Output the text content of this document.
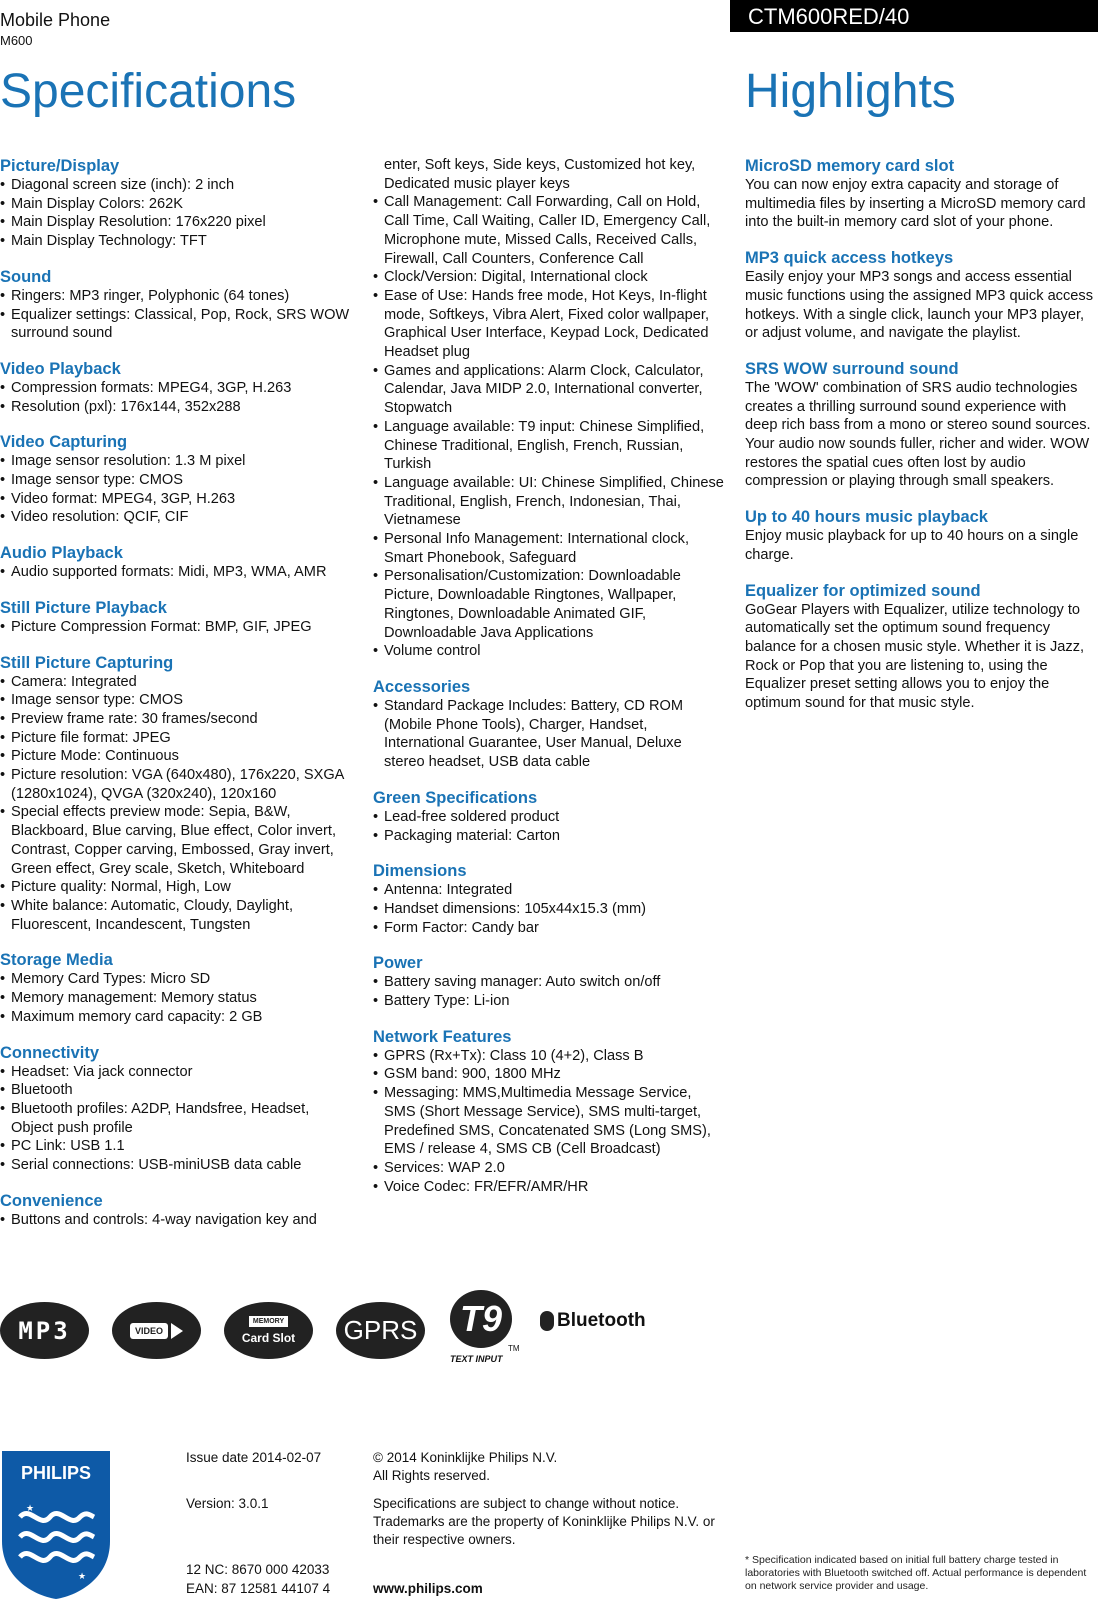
Mobile Phone
M600
CTM600RED/40
Specifications	Highlights
Picture/Display
• Diagonal screen size (inch): 2 inch
• Main Display Colors: 262K
• Main Display Resolution: 176x220 pixel
• Main Display Technology: TFT
Sound
• Ringers: MP3 ringer, Polyphonic (64 tones)
• Equalizer settings: Classical, Pop, Rock, SRS WOW surround sound
Video Playback
• Compression formats: MPEG4, 3GP, H.263
• Resolution (pxl): 176x144, 352x288
Video Capturing
• Image sensor resolution: 1.3 M pixel
• Image sensor type: CMOS
• Video format: MPEG4, 3GP, H.263
• Video resolution: QCIF, CIF
Audio Playback
• Audio supported formats: Midi, MP3, WMA, AMR
Still Picture Playback
• Picture Compression Format: BMP, GIF, JPEG
Still Picture Capturing
• Camera: Integrated
• Image sensor type: CMOS
• Preview frame rate: 30 frames/second
• Picture file format: JPEG
• Picture Mode: Continuous
• Picture resolution: VGA (640x480), 176x220, SXGA (1280x1024), QVGA (320x240), 120x160
• Special effects preview mode: Sepia, B&W, Blackboard, Blue carving, Blue effect, Color invert, Contrast, Copper carving, Embossed, Gray invert, Green effect, Grey scale, Sketch, Whiteboard
• Picture quality: Normal, High, Low
• White balance: Automatic, Cloudy, Daylight, Fluorescent, Incandescent, Tungsten
Storage Media
• Memory Card Types: Micro SD
• Memory management: Memory status
• Maximum memory card capacity: 2 GB
Connectivity
• Headset: Via jack connector
• Bluetooth
• Bluetooth profiles: A2DP, Handsfree, Headset, Object push profile
• PC Link: USB 1.1
• Serial connections: USB-miniUSB data cable
Convenience
• Buttons and controls: 4-way navigation key and
enter, Soft keys, Side keys, Customized hot key, Dedicated music player keys
• Call Management: Call Forwarding, Call on Hold, Call Time, Call Waiting, Caller ID, Emergency Call, Microphone mute, Missed Calls, Received Calls, Firewall, Call Counters, Conference Call
• Clock/Version: Digital, International clock
• Ease of Use: Hands free mode, Hot Keys, In-flight mode, Softkeys, Vibra Alert, Fixed color wallpaper, Graphical User Interface, Keypad Lock, Dedicated Headset plug
• Games and applications: Alarm Clock, Calculator, Calendar, Java MIDP 2.0, International converter, Stopwatch
• Language available: T9 input: Chinese Simplified, Chinese Traditional, English, French, Russian, Turkish
• Language available: UI: Chinese Simplified, Chinese Traditional, English, French, Indonesian, Thai, Vietnamese
• Personal Info Management: International clock, Smart Phonebook, Safeguard
• Personalisation/Customization: Downloadable Picture, Downloadable Ringtones, Wallpaper, Ringtones, Downloadable Animated GIF, Downloadable Java Applications
• Volume control
Accessories
• Standard Package Includes: Battery, CD ROM (Mobile Phone Tools), Charger, Handset, International Guarantee, User Manual, Deluxe stereo headset, USB data cable
Green Specifications
• Lead-free soldered product
• Packaging material: Carton
Dimensions
• Antenna: Integrated
• Handset dimensions: 105x44x15.3 (mm)
• Form Factor: Candy bar
Power
• Battery saving manager: Auto switch on/off
• Battery Type: Li-ion
Network Features
• GPRS (Rx+Tx): Class 10 (4+2), Class B
• GSM band: 900, 1800 MHz
• Messaging: MMS,Multimedia Message Service, SMS (Short Message Service), SMS multi-target, Predefined SMS, Concatenated SMS (Long SMS), EMS / release 4, SMS CB (Cell Broadcast)
• Services: WAP 2.0
• Voice Codec: FR/EFR/AMR/HR
MicroSD memory card slot

You can now enjoy extra capacity and storage of multimedia files by inserting a MicroSD memory card into the built-in memory card slot of your phone.

MP3 quick access hotkeys

Easily enjoy your MP3 songs and access essential music functions using the assigned MP3 quick access hotkeys. With a single click, launch your MP3 player, or adjust volume, and navigate the playlist.

SRS WOW surround sound

The 'WOW' combination of SRS audio technologies creates a thrilling surround sound experience with deep rich bass from a mono or stereo sound sources. Your audio now sounds fuller, richer and wider. WOW restores the spatial cues often lost by audio compression or playing through small speakers.

Up to 40 hours music playback

Enjoy music playback for up to 40 hours on a single charge.

Equalizer for optimized sound

GoGear Players with Equalizer, utilize technology to automatically set the optimum sound frequency balance for a chosen music style. Whether it is Jazz, Rock or Pop that you are listening to, using the Equalizer preset setting allows you to enjoy the optimum sound for that music style.

MP3	VIDEO
MEMORY
Card Slot GPRS T9
TM
TEXT INPUT
Bluetooth
★
★
PHILIPS
Issue date 2014-02-07
Version: 3.0.1
12 NC: 8670 000 42033
EAN: 87 12581 44107 4
© 2014 Koninklijke Philips N.V.
All Rights reserved.
Specifications are subject to change without notice. Trademarks are the property of Koninklijke Philips N.V. or their respective owners.
www.philips.com
* Specification indicated based on initial full battery charge tested in laboratories with Bluetooth switched off. Actual performance is dependent on network service provider and usage.
